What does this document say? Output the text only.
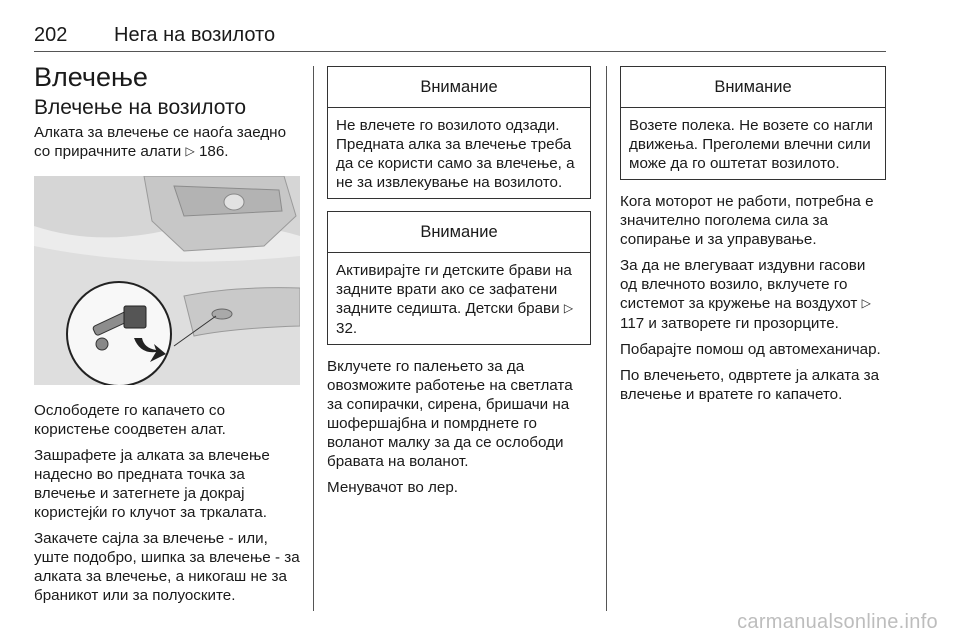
202 Нега на возилото
Влечење
Влечење на возилото

Алката за влечење се наоѓа заедно со прирачните алати ▷ 186.

Ослободете го капачето со користење соодветен алат.

Зашрафете ја алката за влечење надесно во предната точка за влечење и затегнете ја докрај користејќи го клучот за тркалата.

Закачете сајла за влечење - или, уште подобро, шипка за влечење - за алката за влечење, а никогаш не за браникот или за полуоските.

Внимание
Не влечете го возилото одзади. Предната алка за влечење треба да се користи само за влечење, а не за извлекување на возилото.
Внимание
Активирајте ги детските брави на задните врати ако се зафатени задните седишта. Детски брави ▷ 32.

Вклучете го палењето за да овозможите работење на светлата за сопирачки, сирена, бришачи на шофершајбна и помрднете го воланот малку за да се ослободи бравата на воланот.

Менувачот во лер.

Внимание
Возете полека. Не возете со нагли движења. Преголеми влечни сили може да го оштетат возилото.

Кога моторот не работи, потребна е значително поголема сила за сопирање и за управување.

За да не влегуваат издувни гасови од влечното возило, вклучете го системот за кружење на воздухот ▷ 117 и затворете ги прозорците.

Побарајте помош од автомеханичар.

По влечењето, одвртете ја алката за влечење и вратете го капачето.

carmanualsonline.info
